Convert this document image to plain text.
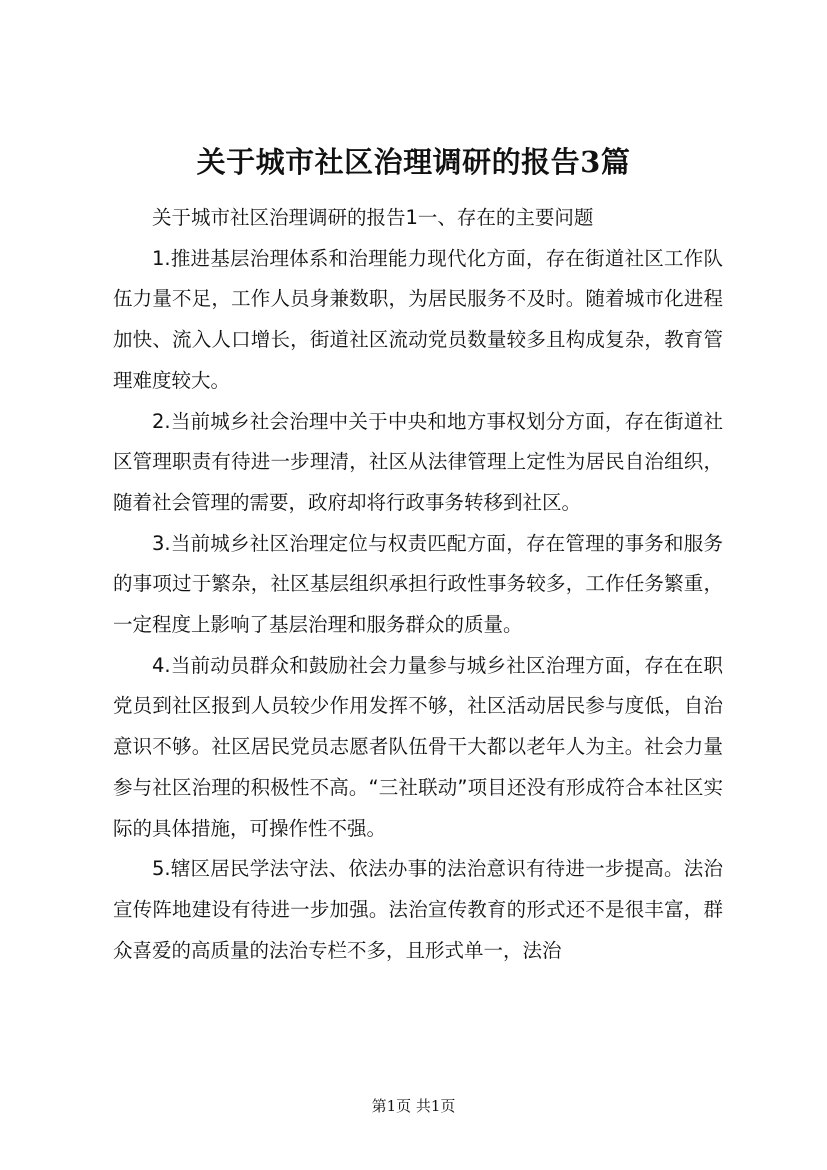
关于城市社区治理调研的报告3篇

关于城市社区治理调研的报告1一、存在的主要问题

1.推进基层治理体系和治理能力现代化方面，存在街道社区工作队伍力量不足，工作人员身兼数职，为居民服务不及时。随着城市化进程加快、流入人口增长，街道社区流动党员数量较多且构成复杂，教育管理难度较大。

2.当前城乡社会治理中关于中央和地方事权划分方面，存在街道社区管理职责有待进一步理清，社区从法律管理上定性为居民自治组织，随着社会管理的需要，政府却将行政事务转移到社区。

3.当前城乡社区治理定位与权责匹配方面，存在管理的事务和服务的事项过于繁杂，社区基层组织承担行政性事务较多，工作任务繁重，一定程度上影响了基层治理和服务群众的质量。

4.当前动员群众和鼓励社会力量参与城乡社区治理方面，存在在职党员到社区报到人员较少作用发挥不够，社区活动居民参与度低，自治意识不够。社区居民党员志愿者队伍骨干大都以老年人为主。社会力量参与社区治理的积极性不高。“三社联动”项目还没有形成符合本社区实际的具体措施，可操作性不强。

5.辖区居民学法守法、依法办事的法治意识有待进一步提高。法治宣传阵地建设有待进一步加强。法治宣传教育的形式还不是很丰富，群众喜爱的高质量的法治专栏不多，且形式单一，法治

第1页 共1页
